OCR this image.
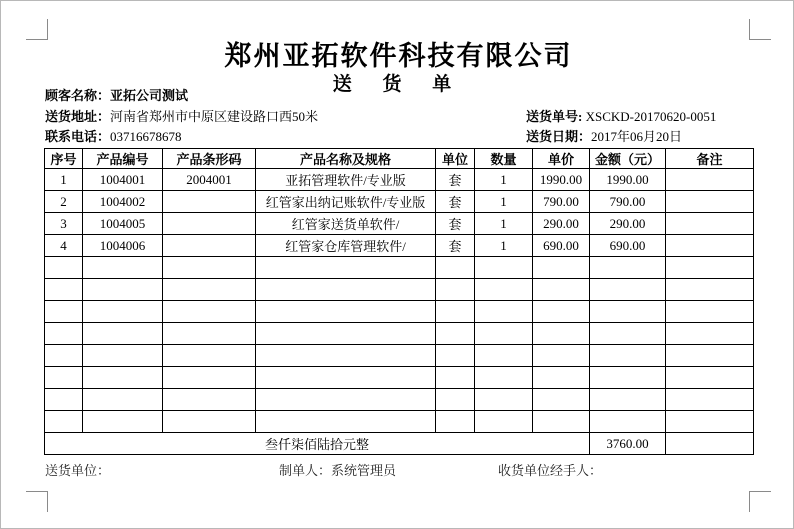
郑州亚拓软件科技有限公司
送 货 单
顾客名称：亚拓公司测试
送货地址：河南省郑州市中原区建设路口西50米
联系电话：03716678678
送货单号: XSCKD-20170620-0051
送货日期：2017年06月20日
序号	产品编号	产品条形码	产品名称及规格	单位	数量	单价	金额（元）	备注
1	1004001	2004001	亚拓管理软件/专业版	套	1	1990.00	1990.00	
2	1004002		红管家出纳记账软件/专业版	套	1	790.00	790.00	
3	1004005		红管家送货单软件/	套	1	290.00	290.00	
4	1004006		红管家仓库管理软件/	套	1	690.00	690.00	

叁仟柒佰陆拾元整							3760.00	
送货单位：	制单人：系统管理员	收货单位经手人：
